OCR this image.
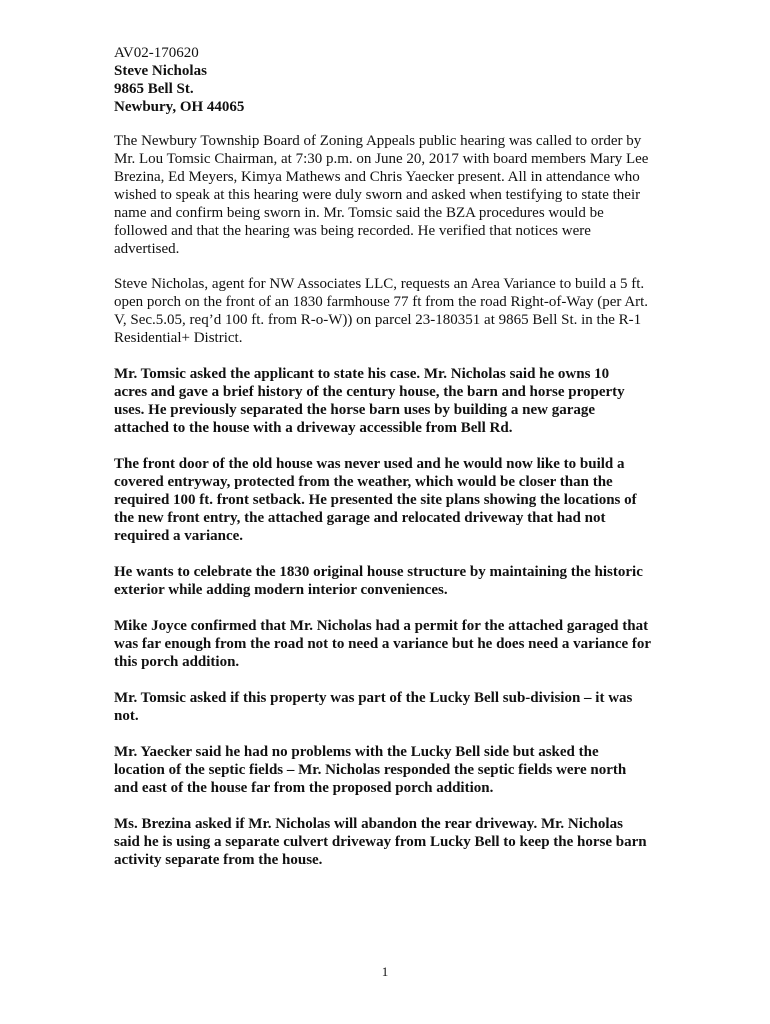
AV02-170620

Steve Nicholas

9865 Bell St.

Newbury, OH 44065

The Newbury Township Board of Zoning Appeals public hearing was called to order by
Mr. Lou Tomsic Chairman, at 7:30 p.m. on June 20, 2017 with board members Mary Lee
Brezina, Ed Meyers, Kimya Mathews and Chris Yaecker present. All in attendance who
wished to speak at this hearing were duly sworn and asked when testifying to state their
name and confirm being sworn in. Mr. Tomsic said the BZA procedures would be
followed and that the hearing was being recorded. He verified that notices were
advertised.

Steve Nicholas, agent for NW Associates LLC, requests an Area Variance to build a 5 ft.
open porch on the front of an 1830 farmhouse 77 ft from the road Right-of-Way (per Art.
V, Sec.5.05, req’d 100 ft. from R-o-W)) on parcel 23-180351 at 9865 Bell St. in the R-1
Residential+ District.

Mr. Tomsic asked the applicant to state his case. Mr. Nicholas said he owns 10
acres and gave a brief history of the century house, the barn and horse property
uses. He previously separated the horse barn uses by building a new garage
attached to the house with a driveway accessible from Bell Rd.

The front door of the old house was never used and he would now like to build a
covered entryway, protected from the weather, which would be closer than the
required 100 ft. front setback. He presented the site plans showing the locations of
the new front entry, the attached garage and relocated driveway that had not
required a variance.

He wants to celebrate the 1830 original house structure by maintaining the historic
exterior while adding modern interior conveniences.

Mike Joyce confirmed that Mr. Nicholas had a permit for the attached garaged that
was far enough from the road not to need a variance but he does need a variance for
this porch addition.

Mr. Tomsic asked if this property was part of the Lucky Bell sub-division – it was
not.

Mr. Yaecker said he had no problems with the Lucky Bell side but asked the
location of the septic fields – Mr. Nicholas responded the septic fields were north
and east of the house far from the proposed porch addition.

Ms. Brezina asked if Mr. Nicholas will abandon the rear driveway. Mr. Nicholas
said he is using a separate culvert driveway from Lucky Bell to keep the horse barn
activity separate from the house.

1
